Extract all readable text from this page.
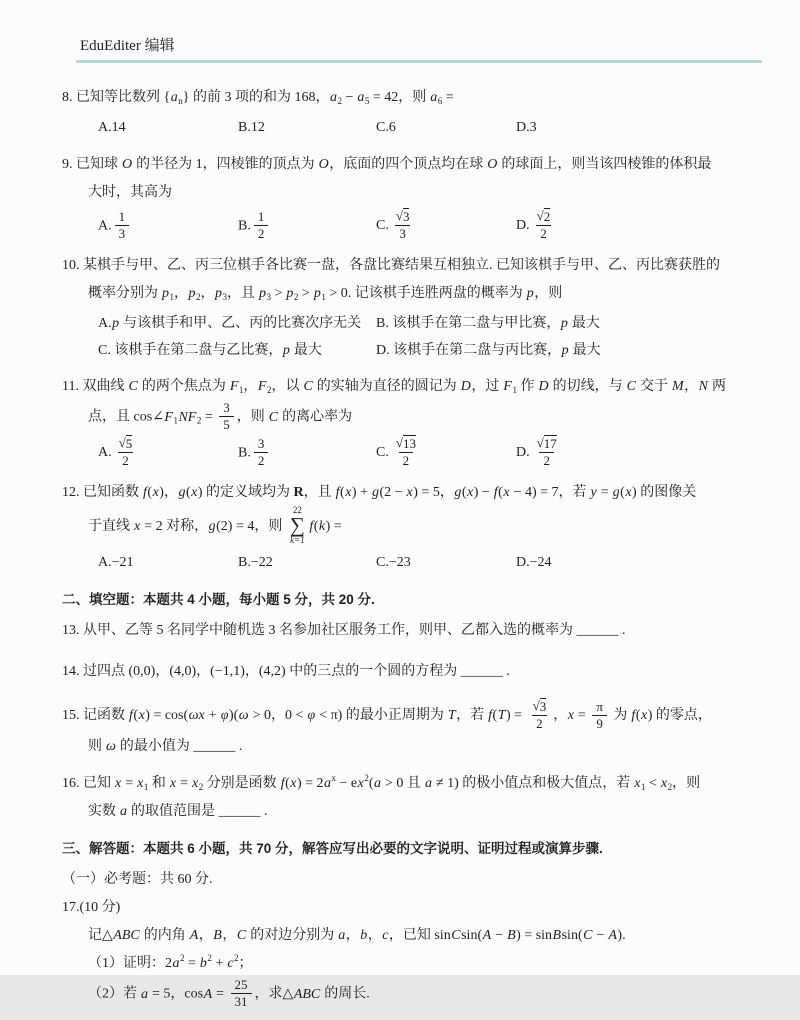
EduEditer 编辑
8. 已知等比数列 $\{a_n\}$ 的前 3 项的和为 168，$a_2 - a_5 = 42$，则 $a_6$ =
A.14	B.12	C.6	D.3
9. 已知球 O 的半径为 1，四棱锥的顶点为 O，底面的四个顶点均在球 O 的球面上，则当该四棱锥的体积最
大时，其高为
A. $\frac{1}{3}$	B. $\frac{1}{2}$	C. $\frac{√ 3}{3}$	D. $\frac{√ 2}{2}$
10. 某棋手与甲、乙、丙三位棋手各比赛一盘，各盘比赛结果互相独立. 已知该棋手与甲、乙、丙比赛获胜的
概率分别为 $p_1$，$p_2$，$p_3$，且 $p_3 > p_2 > p_1 > 0$. 记该棋手连胜两盘的概率为 p，则
A.p 与该棋手和甲、乙、丙的比赛次序无关	B. 该棋手在第二盘与甲比赛，p 最大
C. 该棋手在第二盘与乙比赛，p 最大	D. 该棋手在第二盘与丙比赛，p 最大
11. 双曲线 C 的两个焦点为 $F_1$，$F_2$，以 C 的实轴为直径的圆记为 D，过 $F_1$ 作 D 的切线，与 C 交于 M，N 两
点，且 $\cos\angle F_1NF_2 = \frac{3}{5}$ ，则 C 的离心率为
A. $\frac{√ 5}{2}$	B. $\frac{3}{2}$	C. $\frac{√ 13}{2}$	D. $\frac{√ 17}{2}$
12. 已知函数 f(x)，g(x) 的定义域均为 R，且 f(x) + g(2 − x) = 5，g(x) − f(x − 4) = 7，若 y = g(x) 的图像关
于直线 x = 2 对称，g(2) = 4，则
22
∑
k=1
f(k) =
A.−21	B.−22	C.−23	D.−24
二、填空题：本题共 4 小题，每小题 5 分，共 20 分.
13. 从甲、乙等 5 名同学中随机选 3 名参加社区服务工作，则甲、乙都入选的概率为 ______ .
14. 过四点 (0,0)，(4,0)，(−1,1)，(4,2) 中的三点的一个圆的方程为 ______ .
15. 记函数 f(x) = cos(ωx + φ)(ω > 0，0 < φ < π) 的最小正周期为 T，若 $f(T) = \frac{√ 3}{2}$ ，$x = \frac{\pi}{9}$ 为 f(x) 的零点，
则 ω 的最小值为 ______ .
16. 已知 $x = x_1$ 和 $x = x_2$ 分别是函数 $f(x) = 2a^x - ex^2(a > 0$ 且 a ≠ 1) 的极小值点和极大值点，若 $x_1 < x_2$，则
实数 a 的取值范围是 ______ .
三、解答题：本题共 6 小题，共 70 分，解答应写出必要的文字说明、证明过程或演算步骤.
（一）必考题：共 60 分.
17.(10 分)
记△ABC 的内角 A，B，C 的对边分别为 a，b，c，已知 sinCsin(A − B) = sinBsin(C − A).
（1）证明：$2a^2 = b^2 + c^2$；
（2）若 a = 5，$\cos A = \frac{25}{31}$ ，求△ABC 的周长.
